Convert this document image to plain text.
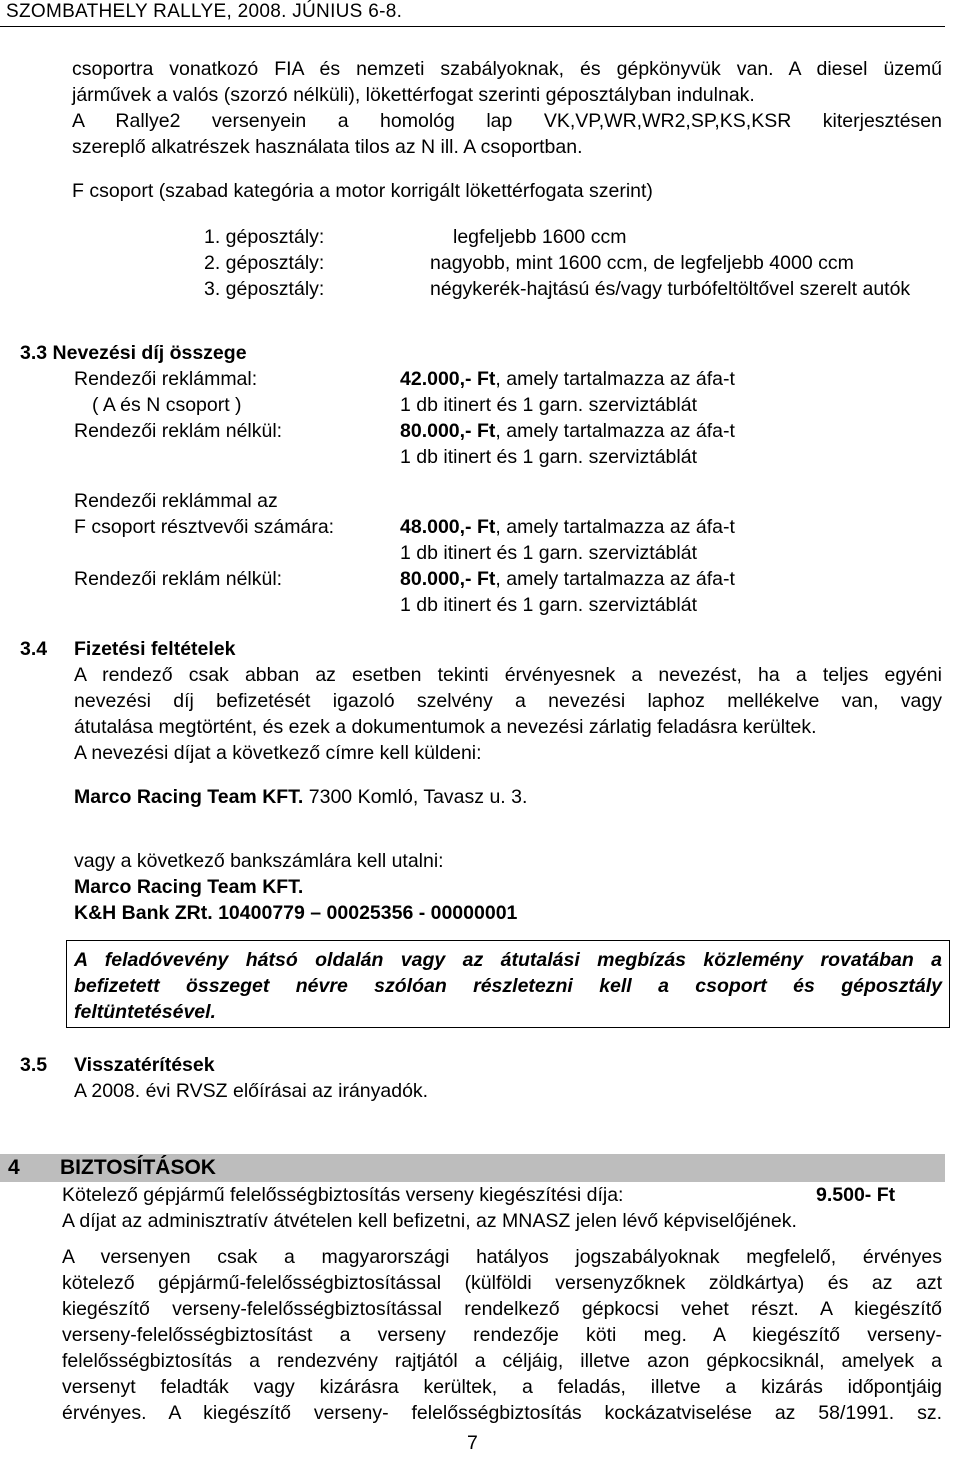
SZOMBATHELY RALLYE, 2008. JÚNIUS 6-8.
csoportra vonatkozó FIA és nemzeti szabályoknak, és gépkönyvük van. A diesel üzemű
járművek a valós (szorzó nélküli), lökettérfogat szerinti géposztályban indulnak.
A Rallye2 versenyein a homológ lap VK,VP,WR,WR2,SP,KS,KSR kiterjesztésen
szereplő alkatrészek használata tilos az N ill. A csoportban.
F csoport (szabad kategória a motor korrigált lökettérfogata szerint)
1. géposztály:	legfeljebb 1600 ccm
2. géposztály:	nagyobb, mint 1600 ccm, de legfeljebb 4000 ccm
3. géposztály:	négykerék-hajtású és/vagy turbófeltöltővel szerelt autók
3.3 Nevezési díj összege
Rendezői reklámmal:	42.000,- Ft, amely tartalmazza az áfa-t
( A és N csoport )	1 db itinert és 1 garn. szerviztáblát
Rendezői reklám nélkül:	80.000,- Ft, amely tartalmazza az áfa-t
1 db itinert és 1 garn. szerviztáblát
Rendezői reklámmal az
F csoport résztvevői számára:	48.000,- Ft, amely tartalmazza az áfa-t
1 db itinert és 1 garn. szerviztáblát
Rendezői reklám nélkül:	80.000,- Ft, amely tartalmazza az áfa-t
1 db itinert és 1 garn. szerviztáblát
3.4 Fizetési feltételek
A rendező csak abban az esetben tekinti érvényesnek a nevezést, ha a teljes egyéni
nevezési díj befizetését igazoló szelvény a nevezési laphoz mellékelve van, vagy
átutalása megtörtént, és ezek a dokumentumok a nevezési zárlatig feladásra kerültek.
A nevezési díjat a következő címre kell küldeni:
Marco Racing Team KFT. 7300 Komló, Tavasz u. 3.
vagy a következő bankszámlára kell utalni:
Marco Racing Team KFT.
K&H Bank ZRt. 10400779 – 00025356 - 00000001
A feladóvevény hátsó oldalán vagy az átutalási megbízás közlemény rovatában a
befizetett összeget névre szólóan részletezni kell a csoport és géposztály
feltüntetésével.
3.5 Visszatérítések
A 2008. évi RVSZ előírásai az irányadók.
4 BIZTOSÍTÁSOK
Kötelező gépjármű felelősségbiztosítás verseny kiegészítési díja:	9.500- Ft
A díjat az adminisztratív átvételen kell befizetni, az MNASZ jelen lévő képviselőjének.
A versenyen csak a magyarországi hatályos jogszabályoknak megfelelő, érvényes
kötelező gépjármű-felelősségbiztosítással (külföldi versenyzőknek zöldkártya) és az azt
kiegészítő verseny-felelősségbiztosítással rendelkező gépkocsi vehet részt. A kiegészítő
verseny-felelősségbiztosítást a verseny rendezője köti meg. A kiegészítő verseny-
felelősségbiztosítás a rendezvény rajtjától a céljáig, illetve azon gépkocsiknál, amelyek a
versenyt feladták vagy kizárásra kerültek, a feladás, illetve a kizárás időpontjáig
érvényes. A kiegészítő verseny- felelősségbiztosítás kockázatviselése az 58/1991. sz.
7
